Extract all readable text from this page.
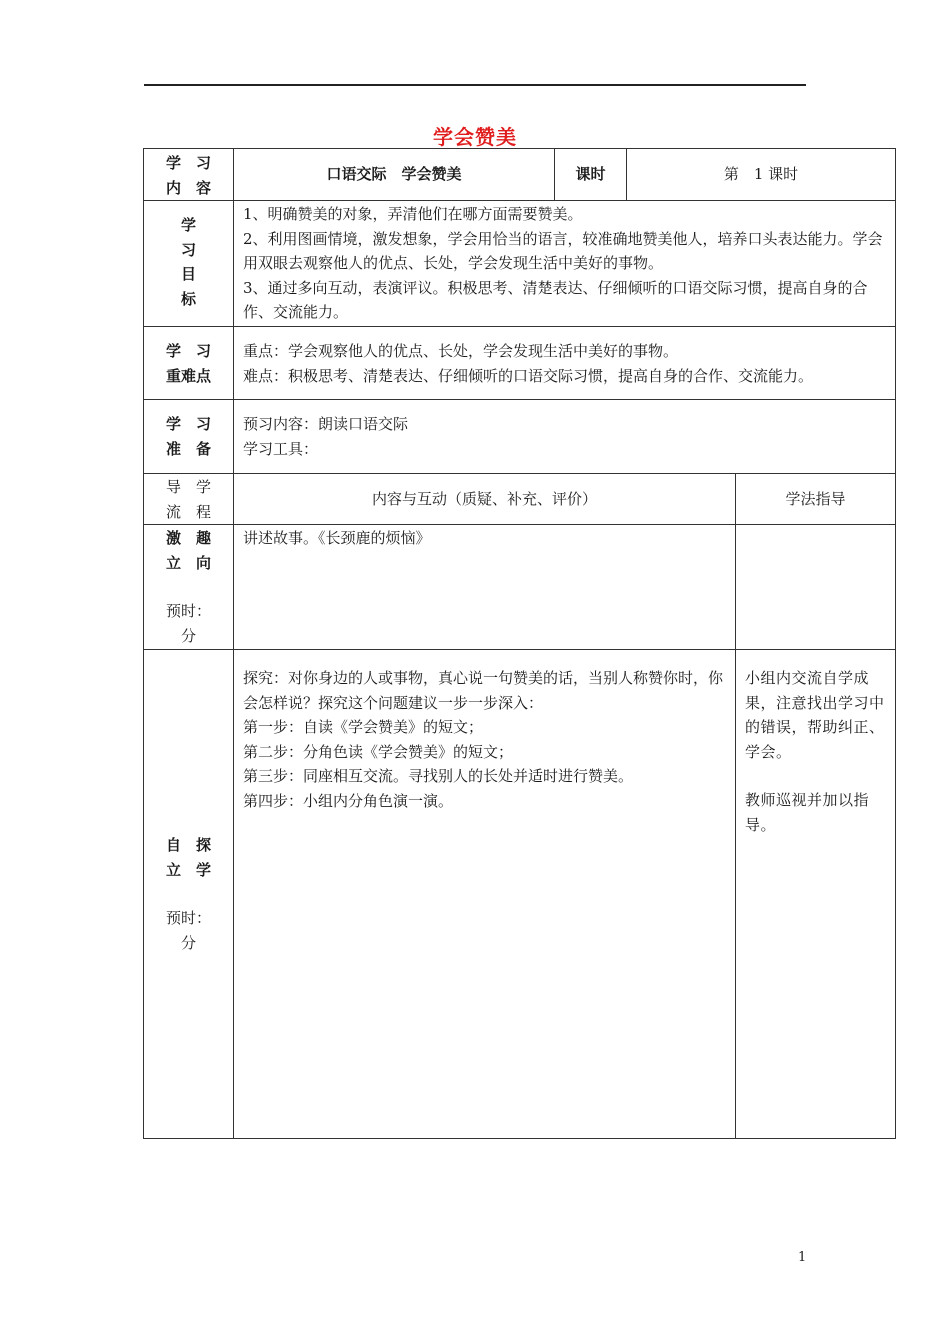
学会赞美
学　习
内　容	口语交际　学会赞美	课时	第　1 课时		

学
习
目
标	1、明确赞美的对象，弄清他们在哪方面需要赞美。
2、利用图画情境，激发想象，学会用恰当的语言，较准确地赞美他人，培养口头表达能力。学会用双眼去观察他人的优点、长处，学会发现生活中美好的事物。
3、通过多向互动，表演评议。积极思考、清楚表达、仔细倾听的口语交际习惯，提高自身的合作、交流能力。				

学　习
重难点	重点：学会观察他人的优点、长处，学会发现生活中美好的事物。
难点：积极思考、清楚表达、仔细倾听的口语交际习惯，提高自身的合作、交流能力。				

学　习
准　备	预习内容：朗读口语交际
学习工具：				

导　学
流　程	内容与互动（质疑、补充、评价）			学法指导	

激　趣
立　向
预时：
分	讲述故事。《长颈鹿的烦恼》				

自　探
立　学
预时：
分	探究：对你身边的人或事物，真心说一句赞美的话，当别人称赞你时，你会怎样说？探究这个问题建议一步一步深入：
第一步：自读《学会赞美》的短文；
第二步：分角色读《学会赞美》的短文；
第三步：同座相互交流。寻找别人的长处并适时进行赞美。
第四步：小组内分角色演一演。			小组内交流自学成果，注意找出学习中的错误，帮助纠正、学会。
教师巡视并加以指导。	

1
